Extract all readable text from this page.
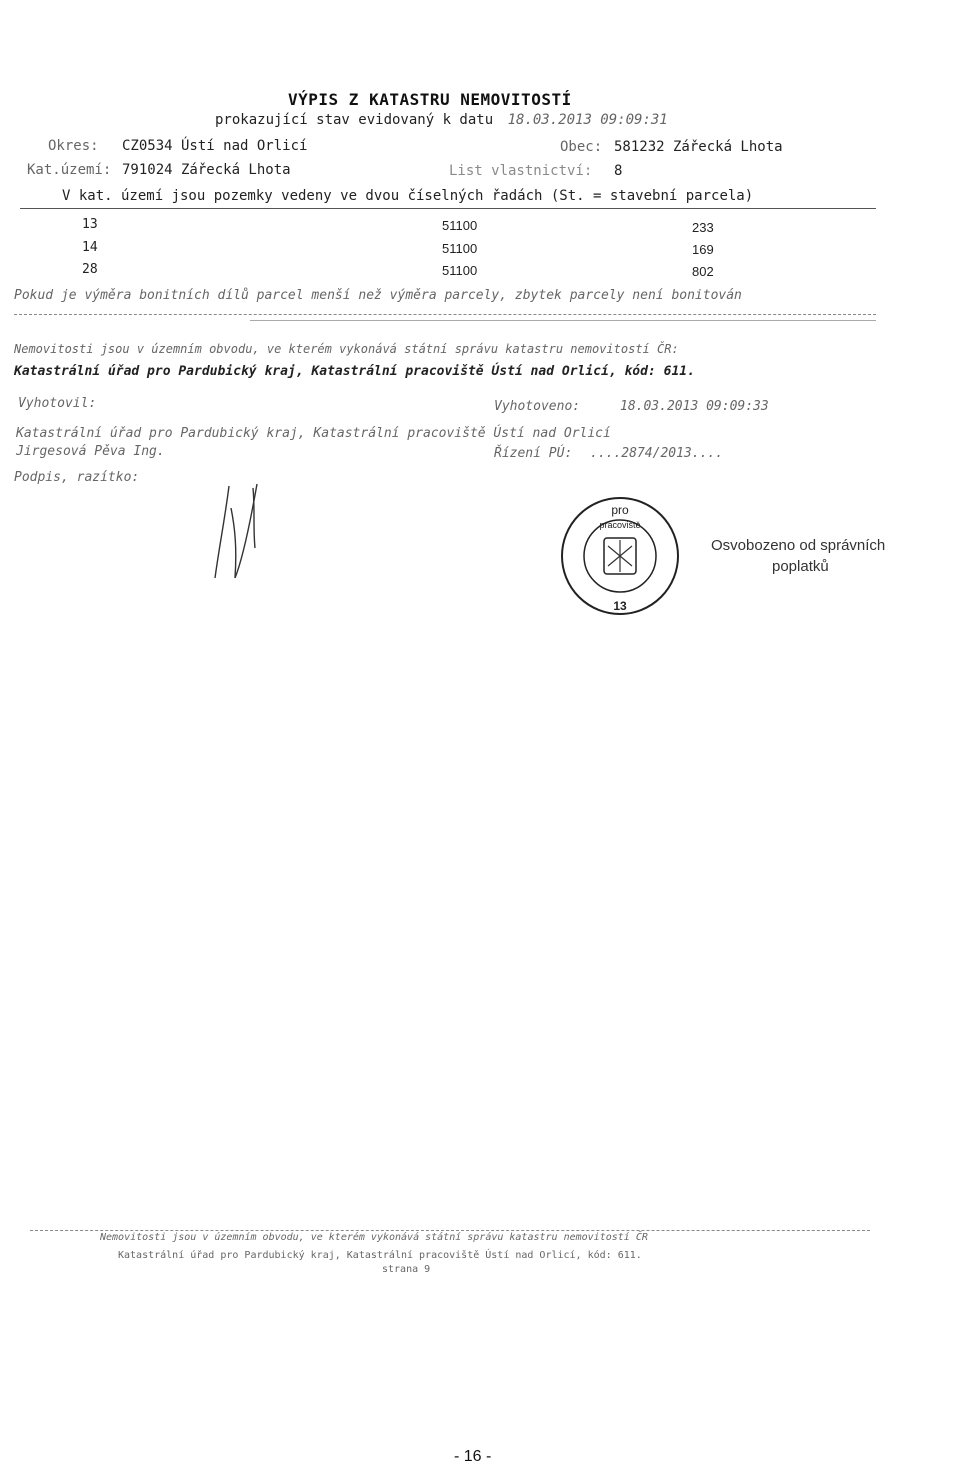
VÝPIS Z KATASTRU NEMOVITOSTÍ
prokazující stav evidovaný k datu 18.03.2013 09:09:31
Okres: CZ0534 Ústí nad Orlicí	Obec: 581232 Zářecká Lhota
Kat.území: 791024 Zářecká Lhota	List vlastnictví: 8
V kat. území jsou pozemky vedeny ve dvou číselných řadách (St. = stavební parcela)
13	51100	233
14	51100	169
28	51100	802
Pokud je výměra bonitních dílů parcel menší než výměra parcely, zbytek parcely není bonitován
Nemovitosti jsou v územním obvodu, ve kterém vykonává státní správu katastru nemovitostí ČR:
Katastrální úřad pro Pardubický kraj, Katastrální pracoviště Ústí nad Orlicí, kód: 611.
Vyhotovil:	Vyhotoveno:	18.03.2013 09:09:33
Katastrální úřad pro Pardubický kraj, Katastrální pracoviště Ústí nad Orlicí
Jirgesová Pěva Ing.	Řízení PÚ: ....2874/2013....
Podpis, razítko:
pro
pracoviště
13
Osvobozeno od správních
poplatků
Nemovitosti jsou v územním obvodu, ve kterém vykonává státní správu katastru nemovitostí ČR
Katastrální úřad pro Pardubický kraj, Katastrální pracoviště Ústí nad Orlicí, kód: 611.
strana 9
- 16 -
